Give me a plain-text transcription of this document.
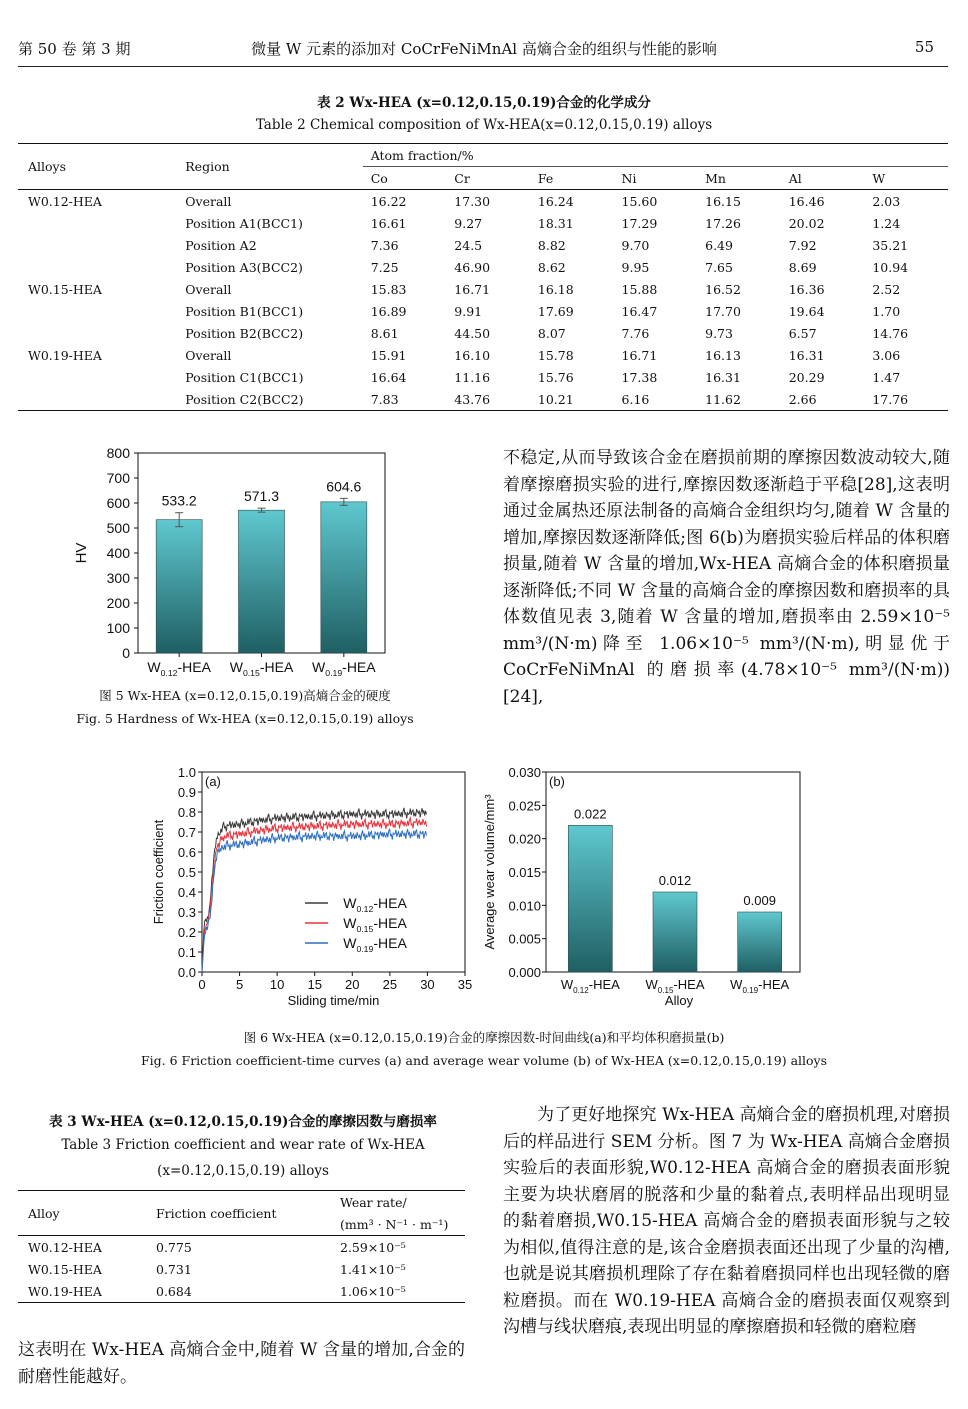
第 50 卷 第 3 期	微量 W 元素的添加对 CoCrFeNiMnAl 高熵合金的组织与性能的影响	55
表 2 Wx-HEA (x=0.12,0.15,0.19)合金的化学成分
Table 2 Chemical composition of Wx-HEA(x=0.12,0.15,0.19) alloys
Alloys	Region	Atom fraction/%						
		Co	Cr	Fe	Ni	Mn	Al	W
W0.12-HEA	Overall	16.22	17.30	16.24	15.60	16.15	16.46	2.03
	Position A1(BCC1)	16.61	9.27	18.31	17.29	17.26	20.02	1.24
	Position A2	7.36	24.5	8.82	9.70	6.49	7.92	35.21
	Position A3(BCC2)	7.25	46.90	8.62	9.95	7.65	8.69	10.94
W0.15-HEA	Overall	15.83	16.71	16.18	15.88	16.52	16.36	2.52
	Position B1(BCC1)	16.89	9.91	17.69	16.47	17.70	19.64	1.70
	Position B2(BCC2)	8.61	44.50	8.07	7.76	9.73	6.57	14.76
W0.19-HEA	Overall	15.91	16.10	15.78	16.71	16.13	16.31	3.06
	Position C1(BCC1)	16.64	11.16	15.76	17.38	16.31	20.29	1.47
	Position C2(BCC2)	7.83	43.76	10.21	6.16	11.62	2.66	17.76
0
100
200
300
400
500
600
700
800
HV
$W_{0.12}$-HEA $W_{0.15}$-HEA $W_{0.19}$-HEA
533.2	571.3
604.6
图 5 Wx-HEA (x=0.12,0.15,0.19)高熵合金的硬度
Fig. 5 Hardness of Wx-HEA (x=0.12,0.15,0.19) alloys
不稳定,从而导致该合金在磨损前期的摩擦因数波动较大,随着摩擦磨损实验的进行,摩擦因数逐渐趋于平稳[28],这表明通过金属热还原法制备的高熵合金组织均匀,随着 W 含量的增加,摩擦因数逐渐降低;图 6(b)为磨损实验后样品的体积磨损量,随着 W 含量的增加,Wx-HEA 高熵合金的体积磨损量逐渐降低;不同 W 含量的高熵合金的摩擦因数和磨损率的具体数值见表 3,随着 W 含量的增加,磨损率由 2.59×10⁻⁵ mm³/(N·m)降至 1.06×10⁻⁵ mm³/(N·m),明显优于 CoCrFeNiMnAl 的磨损率(4.78×10⁻⁵ mm³/(N·m))[24],
0.0
0.1
0.2
0.3
0.4
0.5
0.6
0.7
0.8
0.9
1.0
0 5 10 15 20 25 30 35
Sliding time/min
Friction coefficient
(a)
$W_{0.12}$-HEA
$W_{0.15}$-HEA
$W_{0.19}$-HEA
0.000
0.005
0.010
0.015
0.020
0.025
0.030
Average wear volume/mm³
(b)
0.022
$W_{0.12}$-HEA
0.012
$W_{0.15}$-HEA
0.009
$W_{0.19}$-HEA
Alloy
图 6 Wx-HEA (x=0.12,0.15,0.19)合金的摩擦因数-时间曲线(a)和平均体积磨损量(b)
Fig. 6 Friction coefficient-time curves (a) and average wear volume (b) of Wx-HEA (x=0.12,0.15,0.19) alloys
表 3 Wx-HEA (x=0.12,0.15,0.19)合金的摩擦因数与磨损率
Table 3 Friction coefficient and wear rate of Wx-HEA
(x=0.12,0.15,0.19) alloys
Alloy	Friction coefficient	Wear rate/
		(mm³ · N⁻¹ · m⁻¹)
W0.12-HEA	0.775	2.59×10⁻⁵
W0.15-HEA	0.731	1.41×10⁻⁵
W0.19-HEA	0.684	1.06×10⁻⁵
这表明在 Wx-HEA 高熵合金中,随着 W 含量的增加,合金的耐磨性能越好。
为了更好地探究 Wx-HEA 高熵合金的磨损机理,对磨损后的样品进行 SEM 分析。图 7 为 Wx-HEA 高熵合金磨损实验后的表面形貌,W0.12-HEA 高熵合金的磨损表面形貌主要为块状磨屑的脱落和少量的黏着点,表明样品出现明显的黏着磨损,W0.15-HEA 高熵合金的磨损表面形貌与之较为相似,值得注意的是,该合金磨损表面还出现了少量的沟槽,也就是说其磨损机理除了存在黏着磨损同样也出现轻微的磨粒磨损。而在 W0.19-HEA 高熵合金的磨损表面仅观察到沟槽与线状磨痕,表现出明显的摩擦磨损和轻微的磨粒磨
